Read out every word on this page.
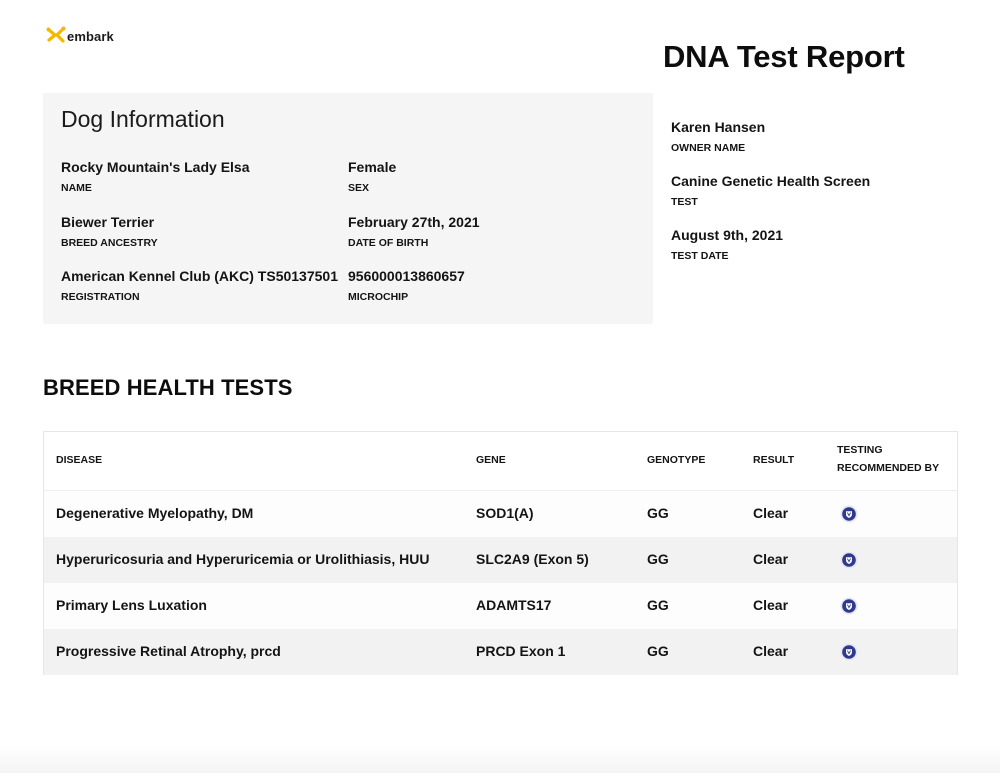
embark
DNA Test Report
Dog Information
Rocky Mountain's Lady Elsa
NAME
Female
SEX
Biewer Terrier
BREED ANCESTRY
February 27th, 2021
DATE OF BIRTH
American Kennel Club (AKC) TS50137501
REGISTRATION
956000013860657
MICROCHIP
Karen Hansen
OWNER NAME
Canine Genetic Health Screen
TEST
August 9th, 2021
TEST DATE
BREED HEALTH TESTS
DISEASE	GENE	GENOTYPE	RESULT
TESTING
RECOMMENDED BY
Degenerative Myelopathy, DM	SOD1(A)	GG	Clear
Hyperuricosuria and Hyperuricemia or Urolithiasis, HUU	SLC2A9 (Exon 5)	GG	Clear
Primary Lens Luxation	ADAMTS17	GG	Clear
Progressive Retinal Atrophy, prcd	PRCD Exon 1	GG	Clear
